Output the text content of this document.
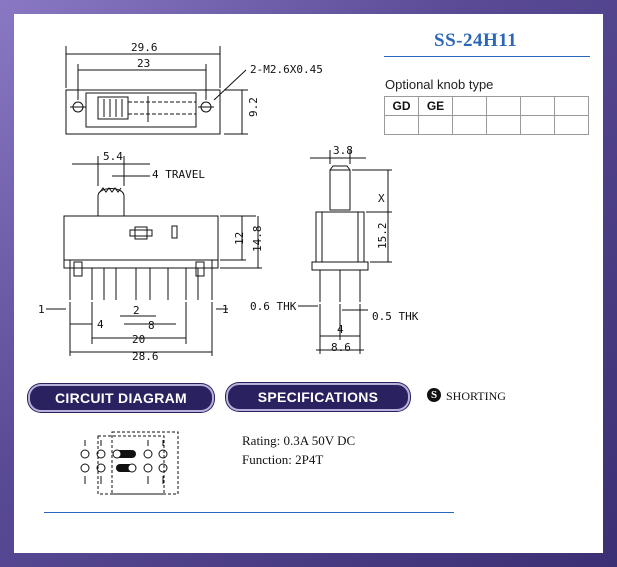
SS-24H11
Optional knob type
GD	GE				

29.6
23	2-M2.6X0.45
9.2
5.4
4 TRAVEL
12 14.8
1	1 0.6 THK
4
2
8
20
28.6
3.8
X
15.2
0.5 THK
4
8.6
CIRCUIT DIAGRAM	SPECIFICATIONS	S SHORTING
Rating: 0.3A 50V DC
Function: 2P4T
